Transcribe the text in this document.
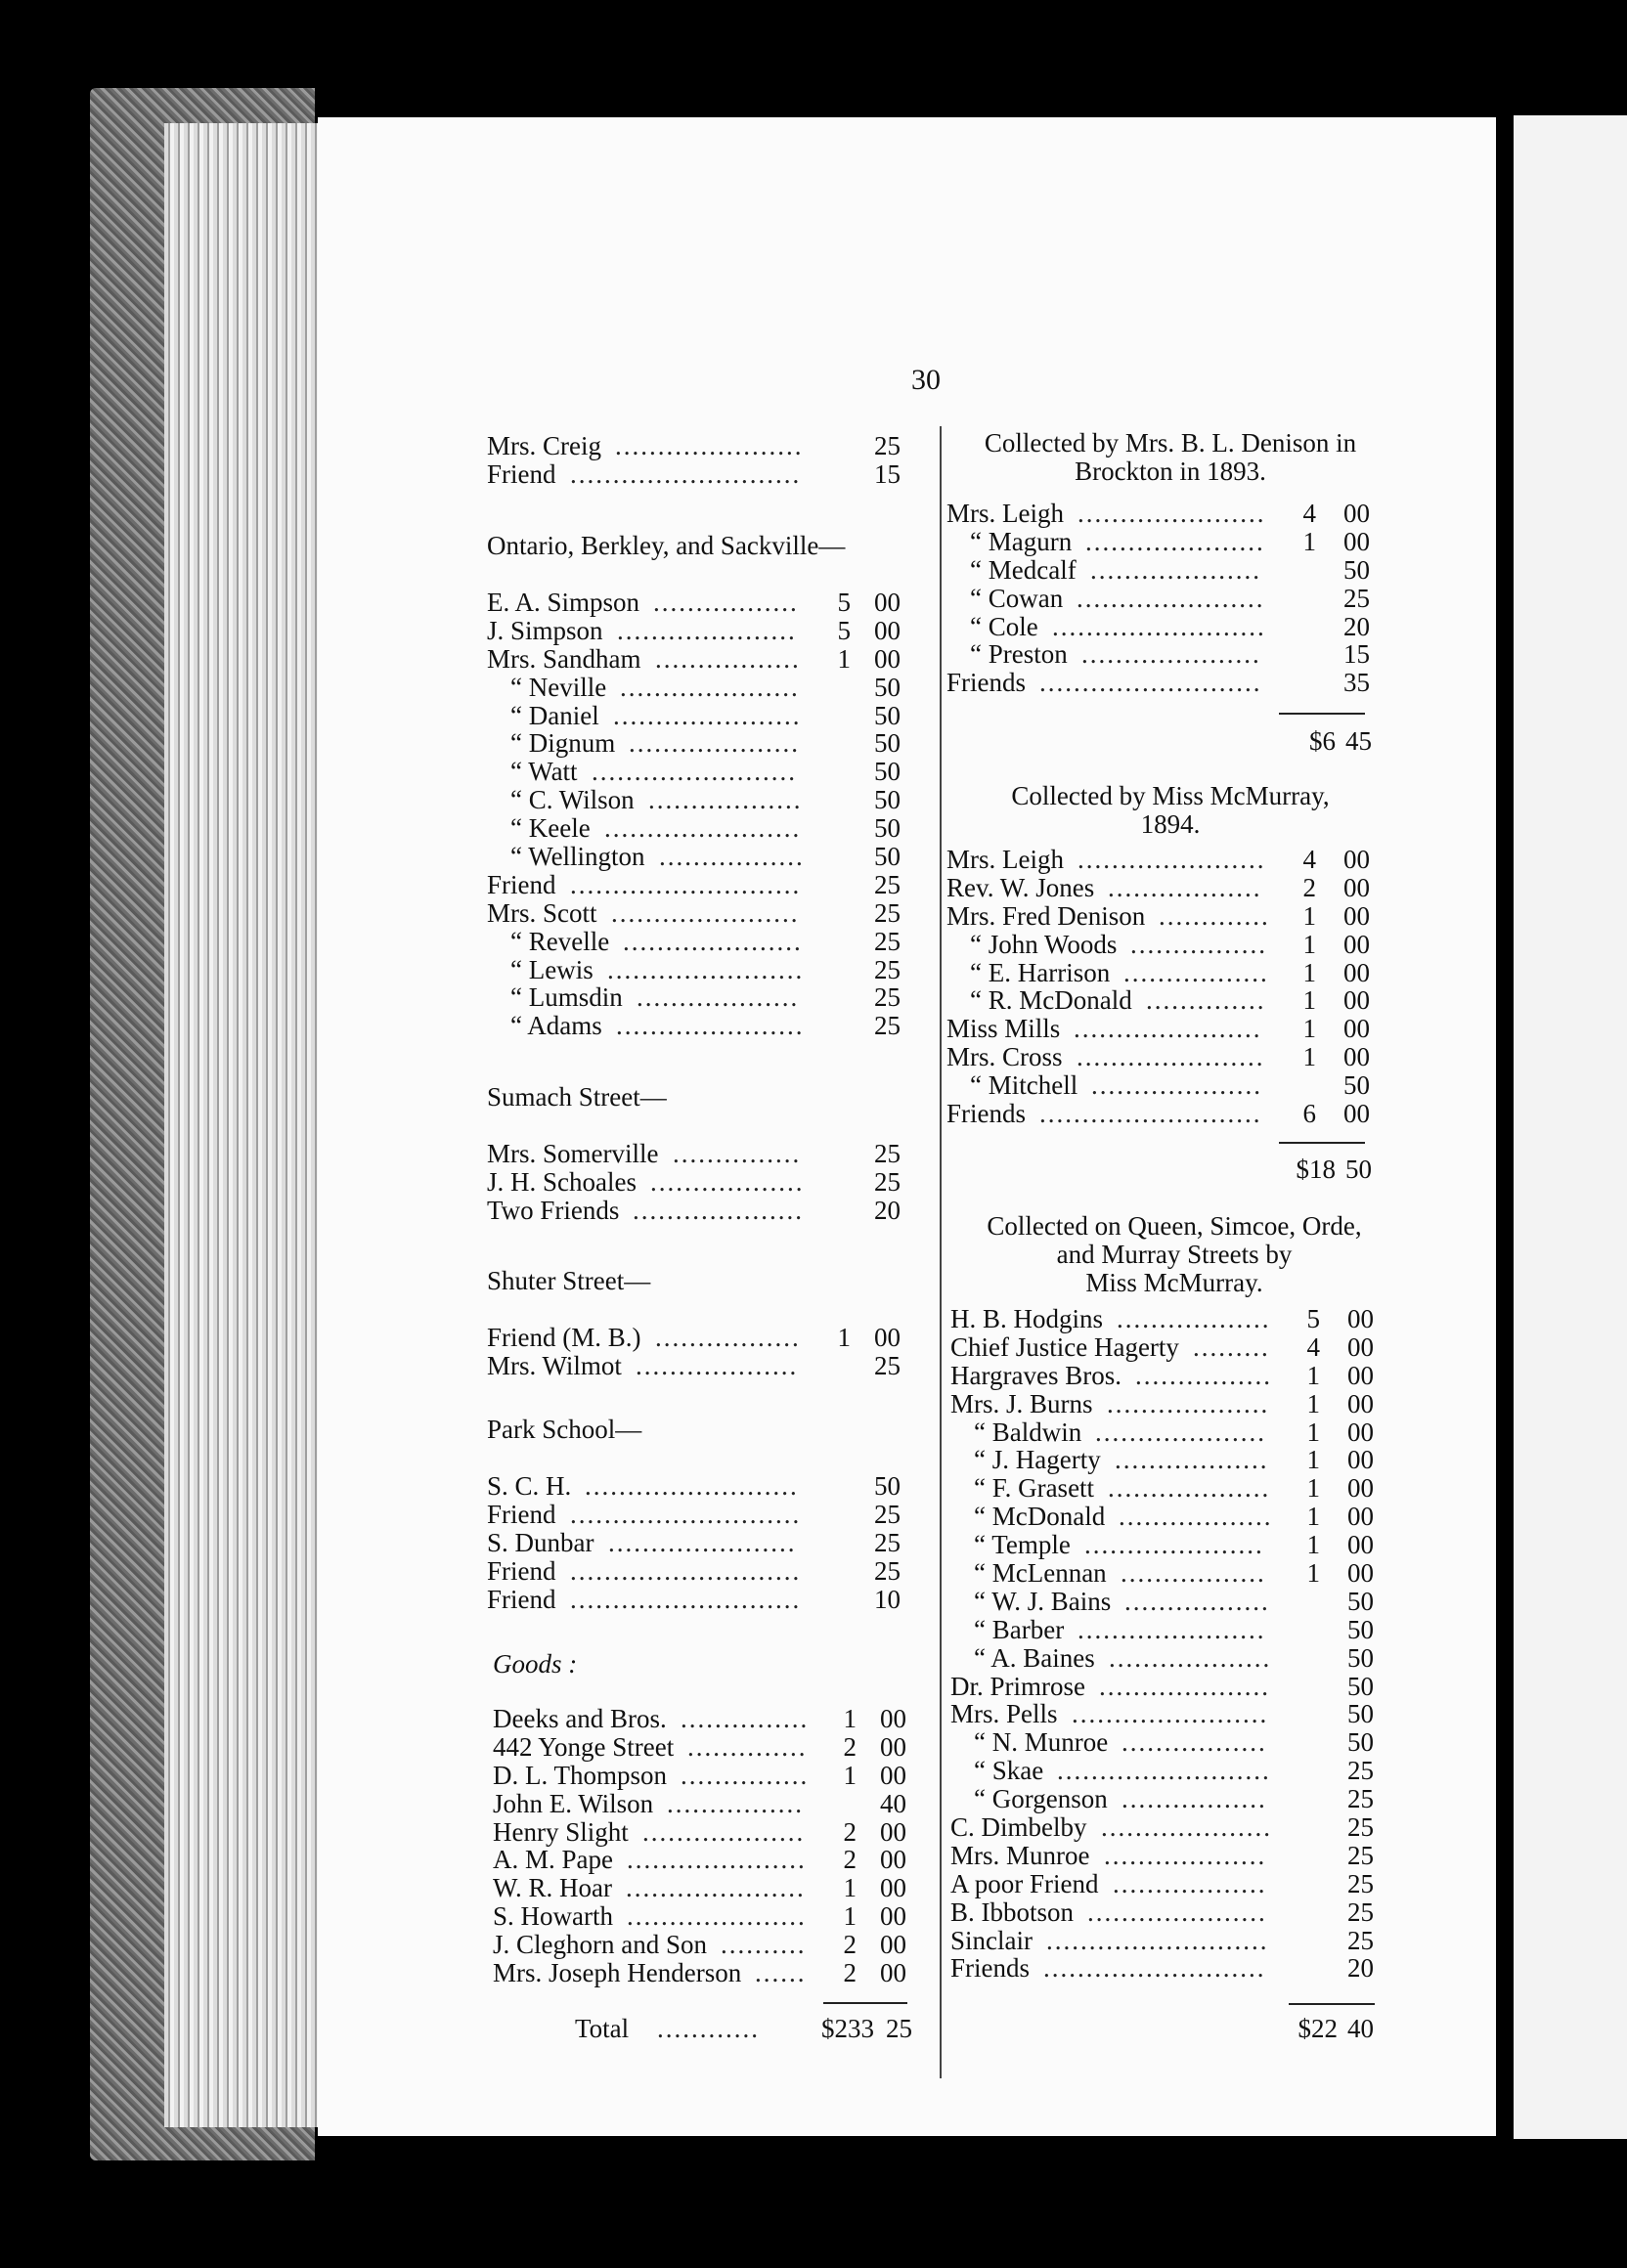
30
Mrs. Creig ......................	25
Friend ...........................	15
Ontario, Berkley, and Sackville—
E. A. Simpson .................	5 00
J. Simpson .....................	5 00
Mrs. Sandham .................	1 00
“ Neville .....................	50
“ Daniel ......................	50
“ Dignum ....................	50
“ Watt ........................	50
“ C. Wilson ..................	50
“ Keele .......................	50
“ Wellington .................	50
Friend ...........................	25
Mrs. Scott ......................	25
“ Revelle .....................	25
“ Lewis .......................	25
“ Lumsdin ...................	25
“ Adams ......................	25
Sumach Street—
Mrs. Somerville ...............	25
J. H. Schoales ..................	25
Two Friends ....................	20
Shuter Street—
Friend (M. B.) .................	1 00
Mrs. Wilmot ...................	25
Park School—
S. C. H. .........................	50
Friend ...........................	25
S. Dunbar ......................	25
Friend ...........................	25
Friend ...........................	10
Goods :
Deeks and Bros. ...............	1 00
442 Yonge Street ..............	2 00
D. L. Thompson ...............	1 00
John E. Wilson ................	40
Henry Slight ...................	2 00
A. M. Pape .....................	2 00
W. R. Hoar .....................	1 00
S. Howarth .....................	1 00
J. Cleghorn and Son ..........	2 00
Mrs. Joseph Henderson ......	2 00
Total ............	$233 25
Collected by Mrs. B. L. Denison in
Brockton in 1893.
Mrs. Leigh ......................	4 00
“ Magurn .....................	1 00
“ Medcalf ....................	50
“ Cowan ......................	25
“ Cole .........................	20
“ Preston .....................	15
Friends ..........................	35
$6 45
Collected by Miss McMurray,
1894.
Mrs. Leigh ......................	4 00
Rev. W. Jones ..................	2 00
Mrs. Fred Denison .............	1 00
“ John Woods ................	1 00
“ E. Harrison .................	1 00
“ R. McDonald ..............	1 00
Miss Mills ......................	1 00
Mrs. Cross ......................	1 00
“ Mitchell ....................	50
Friends ..........................	6 00
$18 50
Collected on Queen, Simcoe, Orde,
and Murray Streets by
Miss McMurray.
H. B. Hodgins ..................	5 00
Chief Justice Hagerty .........	4 00
Hargraves Bros. ................	1 00
Mrs. J. Burns ...................	1 00
“ Baldwin ....................	1 00
“ J. Hagerty ..................	1 00
“ F. Grasett ...................	1 00
“ McDonald ..................	1 00
“ Temple .....................	1 00
“ McLennan .................	1 00
“ W. J. Bains .................	50
“ Barber ......................	50
“ A. Baines ...................	50
Dr. Primrose ....................	50
Mrs. Pells .......................	50
“ N. Munroe .................	50
“ Skae .........................	25
“ Gorgenson .................	25
C. Dimbelby ....................	25
Mrs. Munroe ...................	25
A poor Friend ..................	25
B. Ibbotson .....................	25
Sinclair ..........................	25
Friends ..........................	20
$22 40
